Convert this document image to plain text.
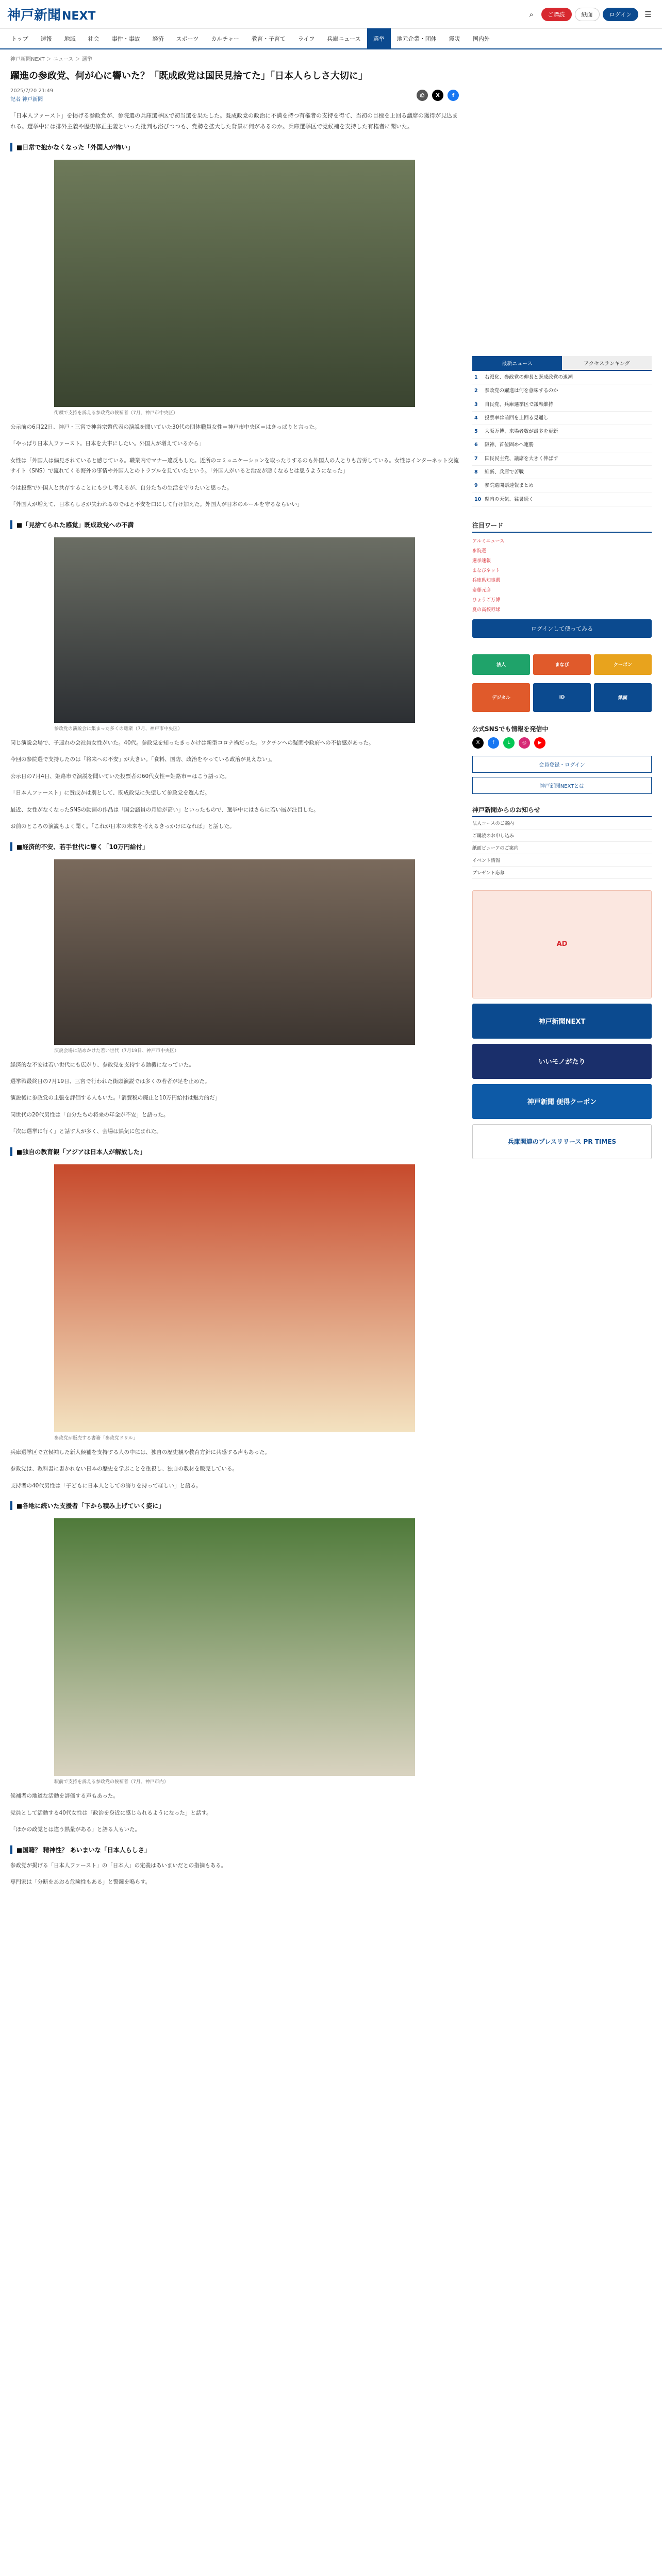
神戸新聞 NEXT	⌕	ご購読	紙面	ログイン	☰
トップ	速報	地域	社会	事件・事故	経済	スポーツ	カルチャー	教育・子育て	ライフ	兵庫ニュース	選挙	地元企業・団体	震災	国内外
神戸新聞NEXT ＞ ニュース ＞ 選挙
躍進の参政党、何が心に響いた？「既成政党は国民見捨てた」「日本人らしさ大切に」
2025/7/20 21:49
記者 神戸新聞
⎙	X	f
「日本人ファースト」を掲げる参政党が、参院選の兵庫選挙区で初当選を果たした。既成政党の政治に不満を持つ有権者の支持を得て、当初の目標を上回る議席の獲得が見込まれる。選挙中には排外主義や歴史修正主義といった批判も浴びつつも、党勢を拡大した背景に何があるのか。兵庫選挙区で党候補を支持した有権者に聞いた。
■日常で抱かなくなった「外国人が怖い」
街頭で支持を訴える参政党の候補者（7月、神戸市中央区）
公示前の6月22日、神戸・三宮で神谷宗幣代表の演説を聞いていた30代の団体職員女性＝神戸市中央区＝はきっぱりと言った。
「やっぱり日本人ファースト。日本を大事にしたい。外国人が増えているから」
女性は「外国人は偏見されていると感じている。職業内でマナー違反もした。近所のコミュニケーションを取ったりするのも外国人の人とりも苦労している。女性はインターネット交流サイト（SNS）で流れてくる海外の事情や外国人とのトラブルを見ていたという。「外国人がいると治安が悪くなるとは思うようになった」
今は投票で外国人と共存することにも少し考えるが、自分たちの生活を守りたいと思った。
「外国人が増えて、日本らしさが失われるのではと不安を口にして行け加えた。外国人が日本のルールを守るならいい」
■「見捨てられた感覚」既成政党への不満
参政党の演説会に集まった多くの聴衆（7月、神戸市中央区）
同じ演説会場で、子連れの会社員女性がいた。40代。参政党を知ったきっかけは新型コロナ禍だった。ワクチンへの疑問や政府への不信感があった。
今回の参院選で支持したのは「将来への不安」が大きい。「食料、国防、政治をやっている政治が見えない」。
公示日の7月4日、姫路市で演説を聞いていた投票者の60代女性＝姫路市＝はこう語った。
「日本人ファースト」に賛成かは別として、既成政党に失望して参政党を選んだ。
最近、女性がなくなったSNSの動画の作品は「国会議員の月給が高い」といったもので、選挙中にはさらに若い層が注目した。
お前のところの演説もよく聞く。「これが日本の未来を考えるきっかけになれば」と話した。
■経済的不安、若手世代に響く「10万円給付」
演説会場に詰めかけた若い世代（7月19日、神戸市中央区）
経済的な不安は若い世代にも広がり、参政党を支持する動機になっていた。
選挙戦最終日の7月19日、三宮で行われた街頭演説では多くの若者が足を止めた。
演説後に参政党の主張を評価する人もいた。「消費税の廃止と10万円給付は魅力的だ」
同世代の20代男性は「自分たちの将来の年金が不安」と語った。
「次は選挙に行く」と話す人が多く、会場は熱気に包まれた。
■独自の教育観「アジアは日本人が解放した」
参政党が販売する書籍「参政党ドリル」
兵庫選挙区で立候補した新人候補を支持する人の中には、独自の歴史観や教育方針に共感する声もあった。
参政党は、教科書に書かれない日本の歴史を学ぶことを重視し、独自の教材を販売している。
支持者の40代男性は「子どもに日本人としての誇りを持ってほしい」と語る。
■各地に続いた支援者「下から積み上げていく姿に」
駅前で支持を訴える参政党の候補者（7月、神戸市内）
候補者の地道な活動を評価する声もあった。
党員として活動する40代女性は「政治を身近に感じられるようになった」と話す。
「ほかの政党とは違う熱量がある」と語る人もいた。
■国籍？ 精神性？ あいまいな「日本人らしさ」
参政党が掲げる「日本人ファースト」の「日本人」の定義はあいまいだとの指摘もある。
専門家は「分断をあおる危険性もある」と警鐘を鳴らす。
最新ニュース	アクセスランキング
1	右派化、参政党の伸長と既成政党の退潮
2	参政党の躍進は何を意味するのか
3	自民党、兵庫選挙区で議席維持
4	投票率は前回を上回る見通し
5	大阪万博、来場者数が最多を更新
6	阪神、首位固めへ連勝
7	国民民主党、議席を大きく伸ばす
8	維新、兵庫で苦戦
9	参院選開票速報まとめ
10 県内の天気、猛暑続く
注目ワード
アルミニュース
参院選
選挙速報
まなびネット
兵庫県知事選
斎藤元彦
ひょうご万博
夏の高校野球
ログインして使ってみる
法人	まなび	クーポン
デジタル	ID	紙面
公式SNSでも情報を発信中
X	f	L	◎	▶
会員登録・ログイン
神戸新聞NEXTとは
神戸新聞からのお知らせ
法人コースのご案内
ご購読のお申し込み
紙面ビューアのご案内
イベント情報
プレゼント応募
AD
神戸新聞NEXT
いいモノがたり
神戸新聞 便得クーポン
兵庫関連のプレスリリース PR TIMES
